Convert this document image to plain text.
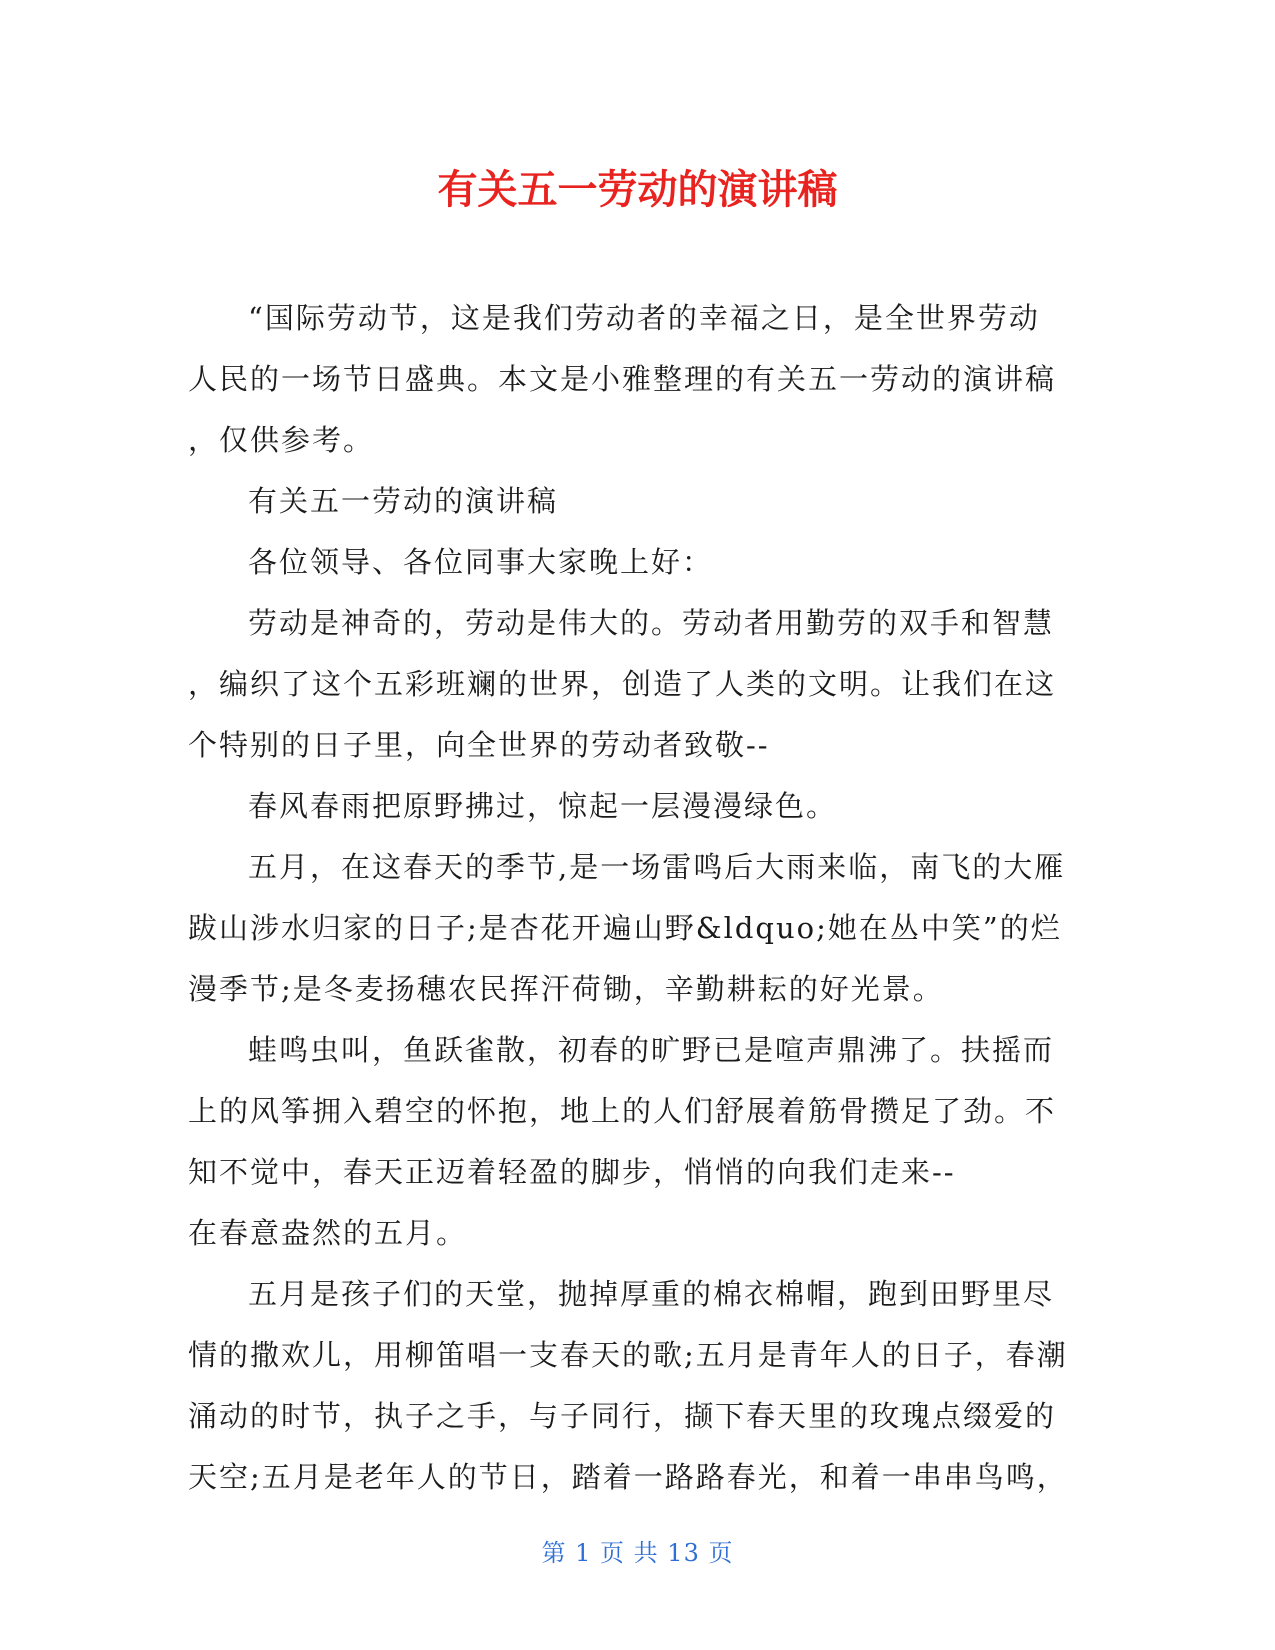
有关五一劳动的演讲稿
“国际劳动节，这是我们劳动者的幸福之日，是全世界劳动
人民的一场节日盛典。本文是小雅整理的有关五一劳动的演讲稿
，仅供参考。
有关五一劳动的演讲稿
各位领导、各位同事大家晚上好：
劳动是神奇的，劳动是伟大的。劳动者用勤劳的双手和智慧
，编织了这个五彩班斓的世界，创造了人类的文明。让我们在这
个特别的日子里，向全世界的劳动者致敬--
春风春雨把原野拂过，惊起一层漫漫绿色。
五月，在这春天的季节,是一场雷鸣后大雨来临，南飞的大雁
跋山涉水归家的日子;是杏花开遍山野&ldquo;她在丛中笑”的烂
漫季节;是冬麦扬穗农民挥汗荷锄，辛勤耕耘的好光景。
蛙鸣虫叫，鱼跃雀散，初春的旷野已是喧声鼎沸了。扶摇而
上的风筝拥入碧空的怀抱，地上的人们舒展着筋骨攒足了劲。不
知不觉中，春天正迈着轻盈的脚步，悄悄的向我们走来--
在春意盎然的五月。
五月是孩子们的天堂，抛掉厚重的棉衣棉帽，跑到田野里尽
情的撒欢儿，用柳笛唱一支春天的歌;五月是青年人的日子，春潮
涌动的时节，执子之手，与子同行，撷下春天里的玫瑰点缀爱的
天空;五月是老年人的节日，踏着一路路春光，和着一串串鸟鸣，
第 1 页 共 13 页
